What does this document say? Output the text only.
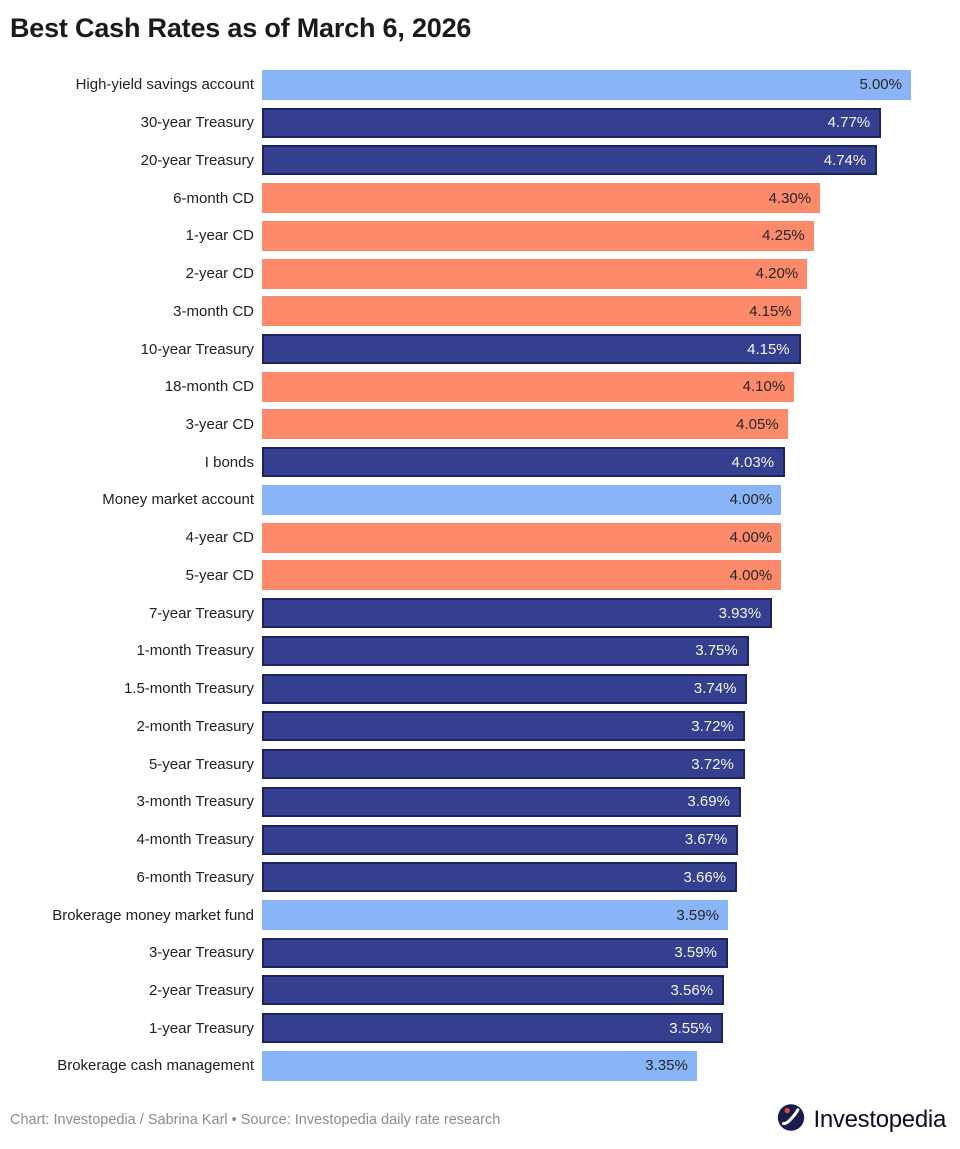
Best Cash Rates as of March 6, 2026
High-yield savings account	5.00%
30-year Treasury	4.77%
20-year Treasury	4.74%
6-month CD	4.30%
1-year CD	4.25%
2-year CD	4.20%
3-month CD	4.15%
10-year Treasury	4.15%
18-month CD	4.10%
3-year CD	4.05%
I bonds	4.03%
Money market account	4.00%
4-year CD	4.00%
5-year CD	4.00%
7-year Treasury	3.93%
1-month Treasury	3.75%
1.5-month Treasury	3.74%
2-month Treasury	3.72%
5-year Treasury	3.72%
3-month Treasury	3.69%
4-month Treasury	3.67%
6-month Treasury	3.66%
Brokerage money market fund	3.59%
3-year Treasury	3.59%
2-year Treasury	3.56%
1-year Treasury	3.55%
Brokerage cash management	3.35%
Chart: Investopedia / Sabrina Karl • Source: Investopedia daily rate research	Investopedia
